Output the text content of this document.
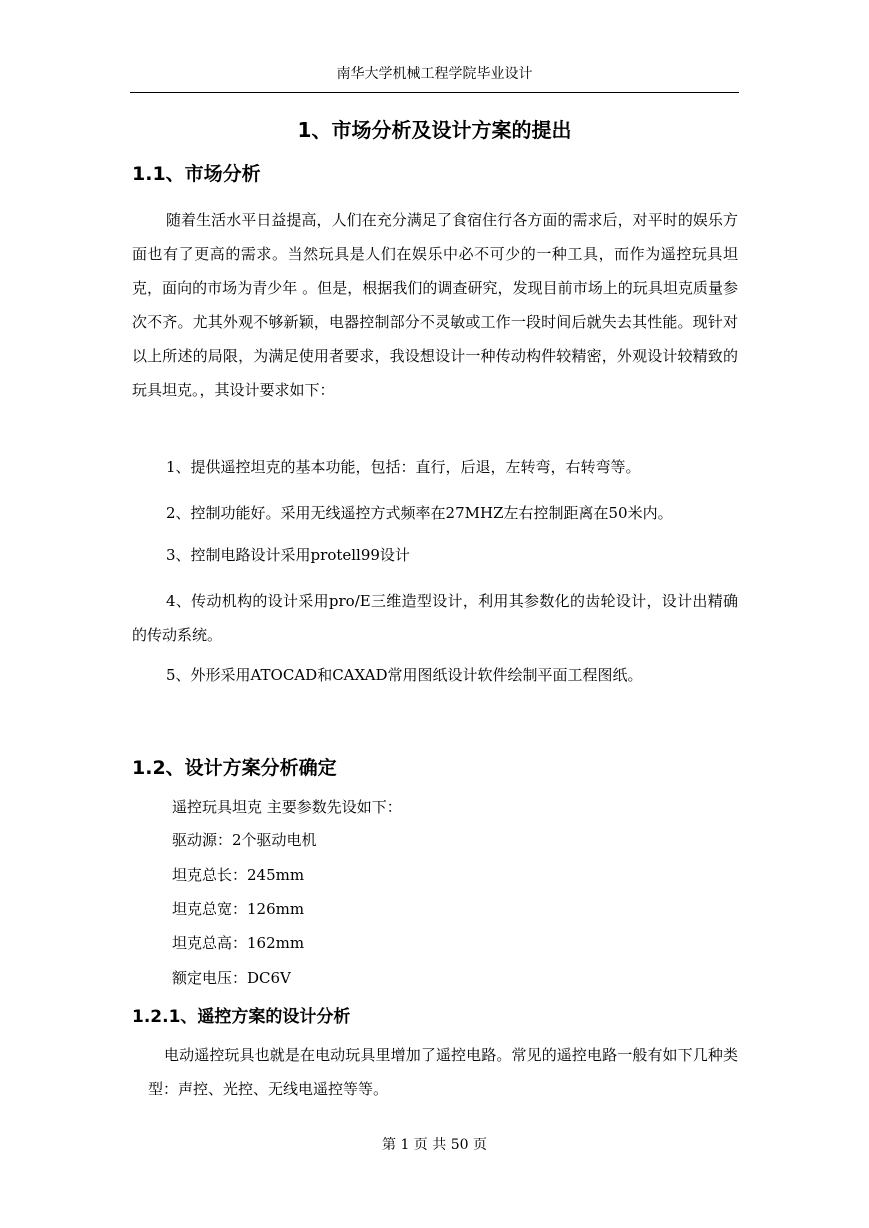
南华大学机械工程学院毕业设计
1、市场分析及设计方案的提出
1.1、市场分析

随着生活水平日益提高，人们在充分满足了食宿住行各方面的需求后，对平时的娱乐方面也有了更高的需求。当然玩具是人们在娱乐中必不可少的一种工具，而作为遥控玩具坦克，面向的市场为青少年 。但是，根据我们的调查研究，发现目前市场上的玩具坦克质量参次不齐。尤其外观不够新颖，电器控制部分不灵敏或工作一段时间后就失去其性能。现针对以上所述的局限，为满足使用者要求，我设想设计一种传动构件较精密，外观设计较精致的玩具坦克。，其设计要求如下：

1、提供遥控坦克的基本功能，包括：直行，后退，左转弯，右转弯等。

2、控制功能好。采用无线遥控方式频率在27MHZ左右控制距离在50米内。

3、控制电路设计采用protell99设计

4、传动机构的设计采用pro/E三维造型设计，利用其参数化的齿轮设计，设计出精确的传动系统。

5、外形采用ATOCAD和CAXAD常用图纸设计软件绘制平面工程图纸。

1.2、设计方案分析确定
遥控玩具坦克 主要参数先设如下：
驱动源：2个驱动电机
坦克总长：245mm
坦克总宽：126mm
坦克总高：162mm
额定电压：DC6V
1.2.1、遥控方案的设计分析

电动遥控玩具也就是在电动玩具里增加了遥控电路。常见的遥控电路一般有如下几种类型：声控、光控、无线电遥控等等。

第 1 页 共 50 页
